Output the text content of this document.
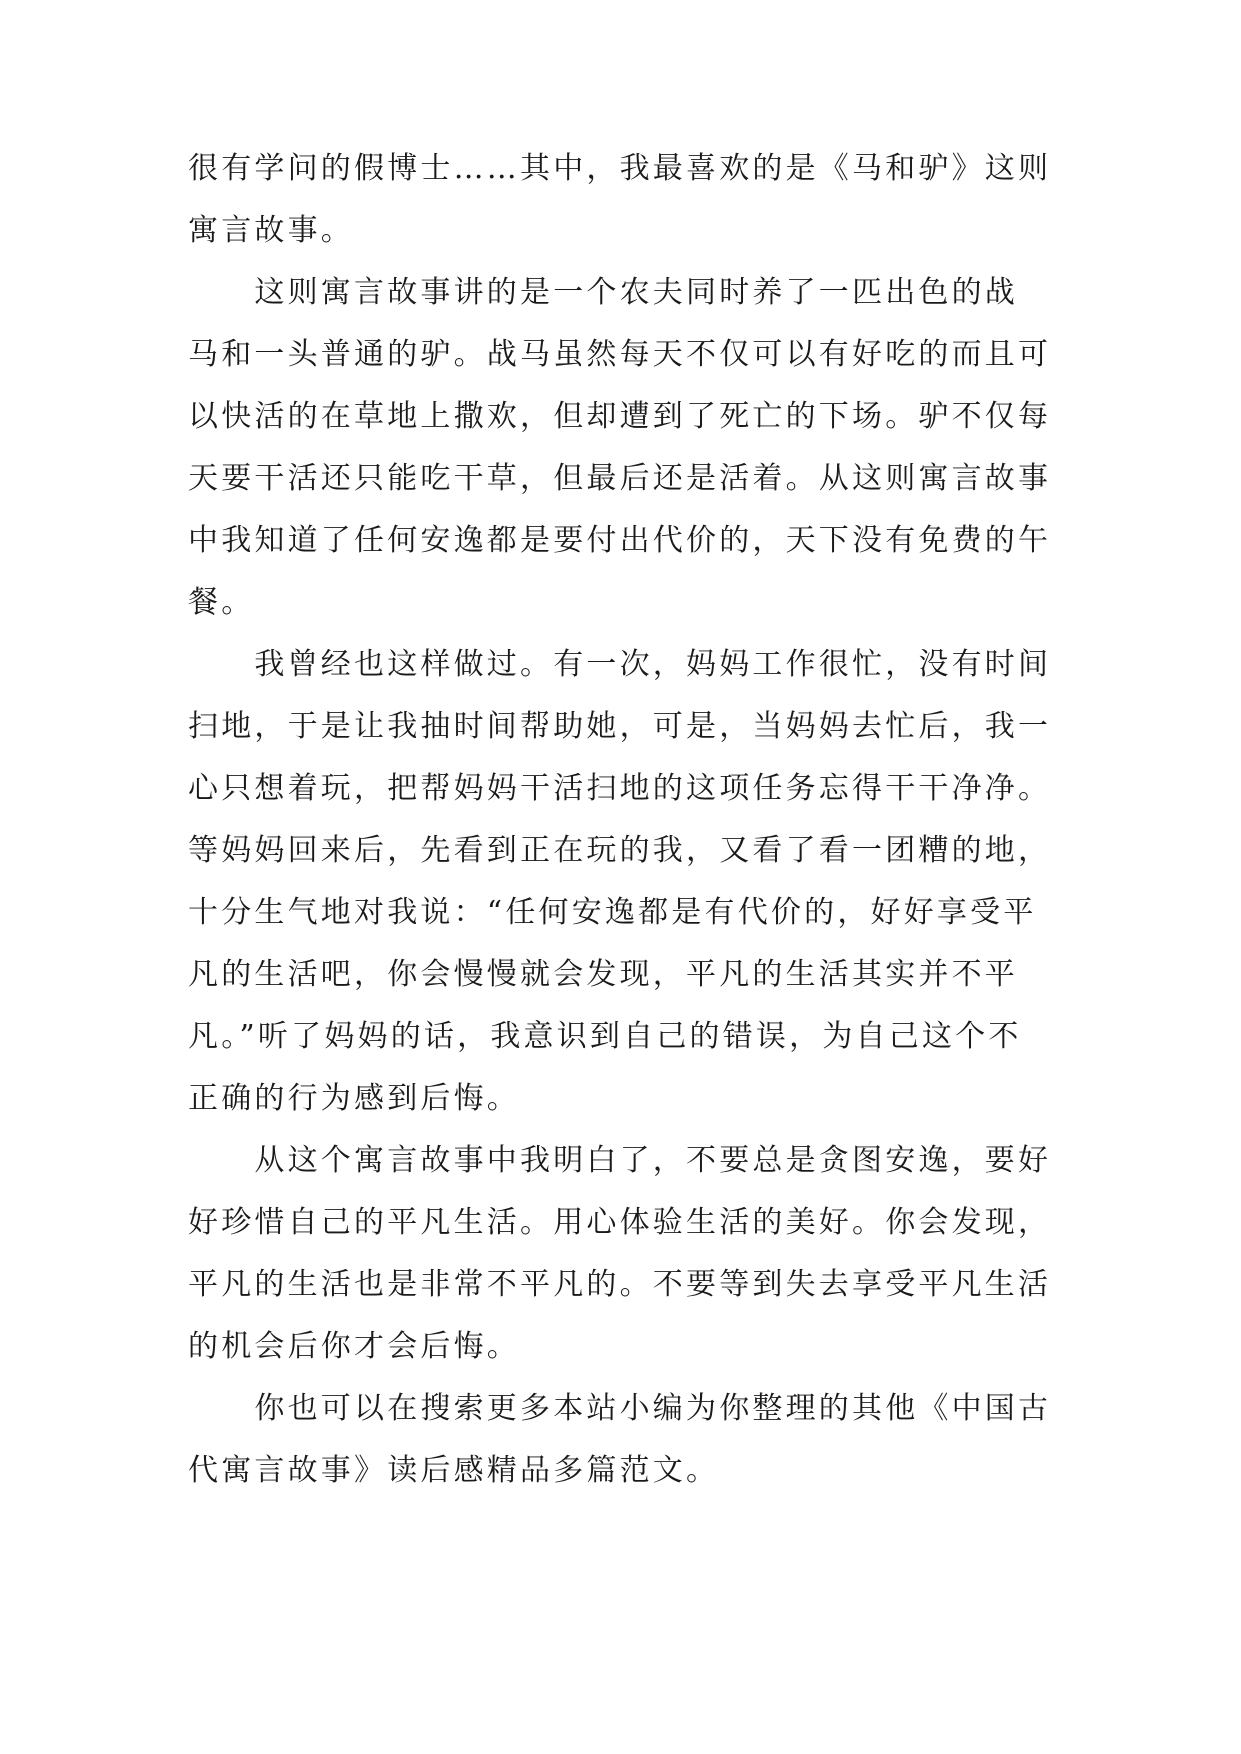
很有学问的假博士……其中，我最喜欢的是《马和驴》这则
寓言故事。
　　这则寓言故事讲的是一个农夫同时养了一匹出色的战
马和一头普通的驴。战马虽然每天不仅可以有好吃的而且可
以快活的在草地上撒欢，但却遭到了死亡的下场。驴不仅每
天要干活还只能吃干草，但最后还是活着。从这则寓言故事
中我知道了任何安逸都是要付出代价的，天下没有免费的午
餐。
　　我曾经也这样做过。有一次，妈妈工作很忙，没有时间
扫地，于是让我抽时间帮助她，可是，当妈妈去忙后，我一
心只想着玩，把帮妈妈干活扫地的这项任务忘得干干净净。
等妈妈回来后，先看到正在玩的我，又看了看一团糟的地，
十分生气地对我说：“任何安逸都是有代价的，好好享受平
凡的生活吧，你会慢慢就会发现，平凡的生活其实并不平
凡。”听了妈妈的话，我意识到自己的错误，为自己这个不
正确的行为感到后悔。
　　从这个寓言故事中我明白了，不要总是贪图安逸，要好
好珍惜自己的平凡生活。用心体验生活的美好。你会发现，
平凡的生活也是非常不平凡的。不要等到失去享受平凡生活
的机会后你才会后悔。
　　你也可以在搜索更多本站小编为你整理的其他《中国古
代寓言故事》读后感精品多篇范文。
